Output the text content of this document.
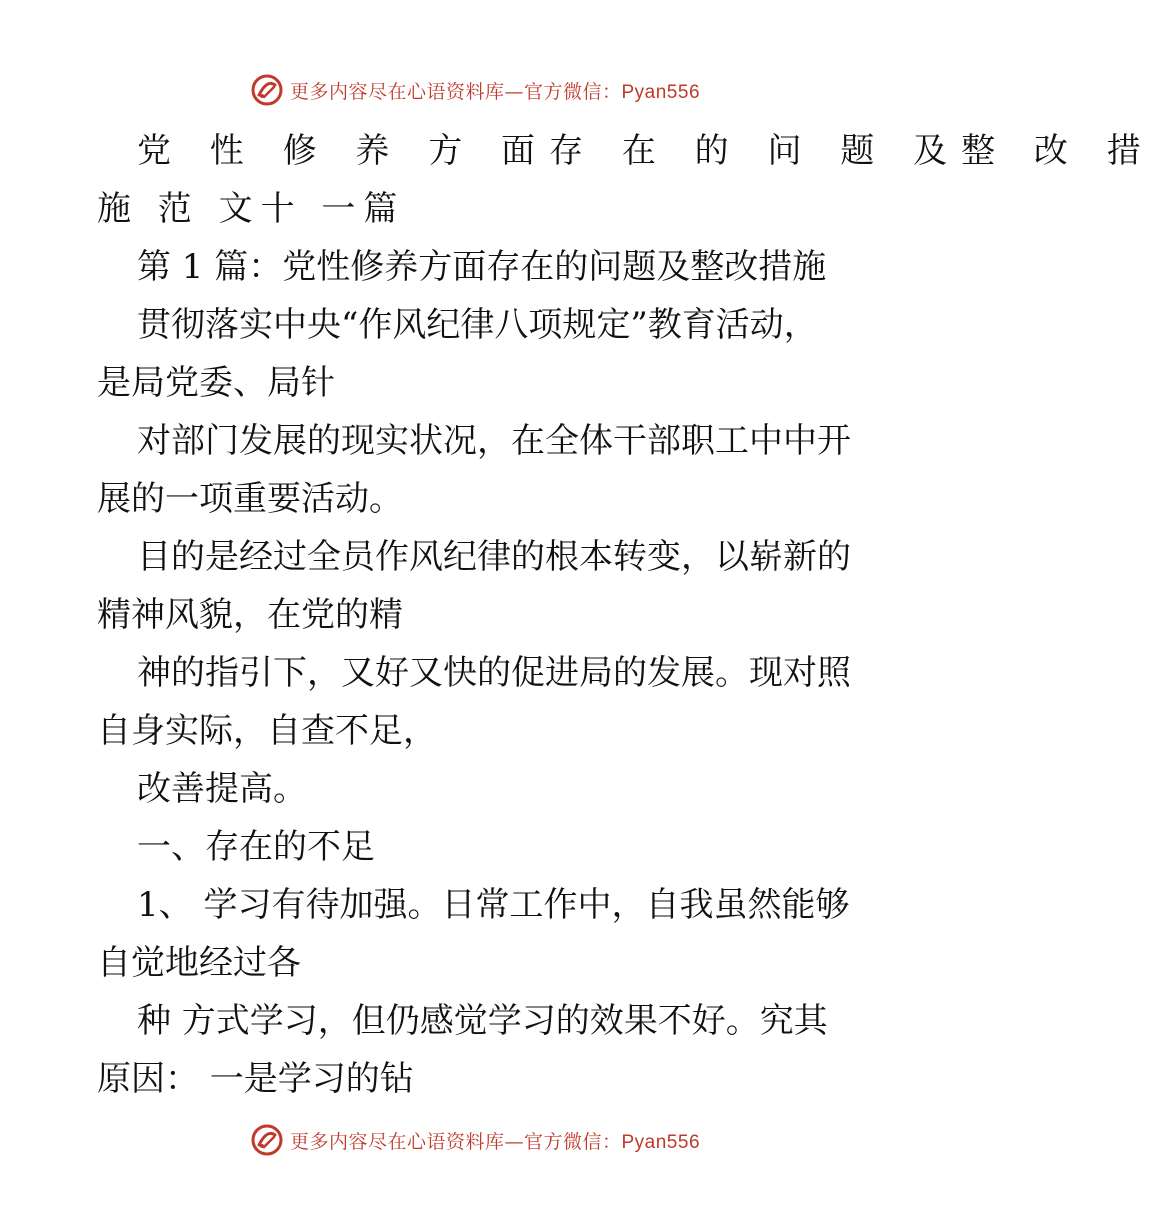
更多内容尽在心语资料库—官方微信：Pyan556
党 性 修 养 方 面存 在 的 问 题 及整 改 措
施 范 文十 一篇
第 1 篇：党性修养方面存在的问题及整改措施
贯彻落实中央“作风纪律八项规定”教育活动，
是局党委、局针
对部门发展的现实状况，在全体干部职工中中开
展的一项重要活动。
目的是经过全员作风纪律的根本转变，以崭新的
精神风貌，在党的精
神的指引下，又好又快的促进局的发展。现对照
自身实际，自查不足，
改善提高。
一、存在的不足
1、 学习有待加强。日常工作中，自我虽然能够
自觉地经过各
种 方式学习，但仍感觉学习的效果不好。究其
原因： 一是学习的钻
更多内容尽在心语资料库—官方微信：Pyan556
